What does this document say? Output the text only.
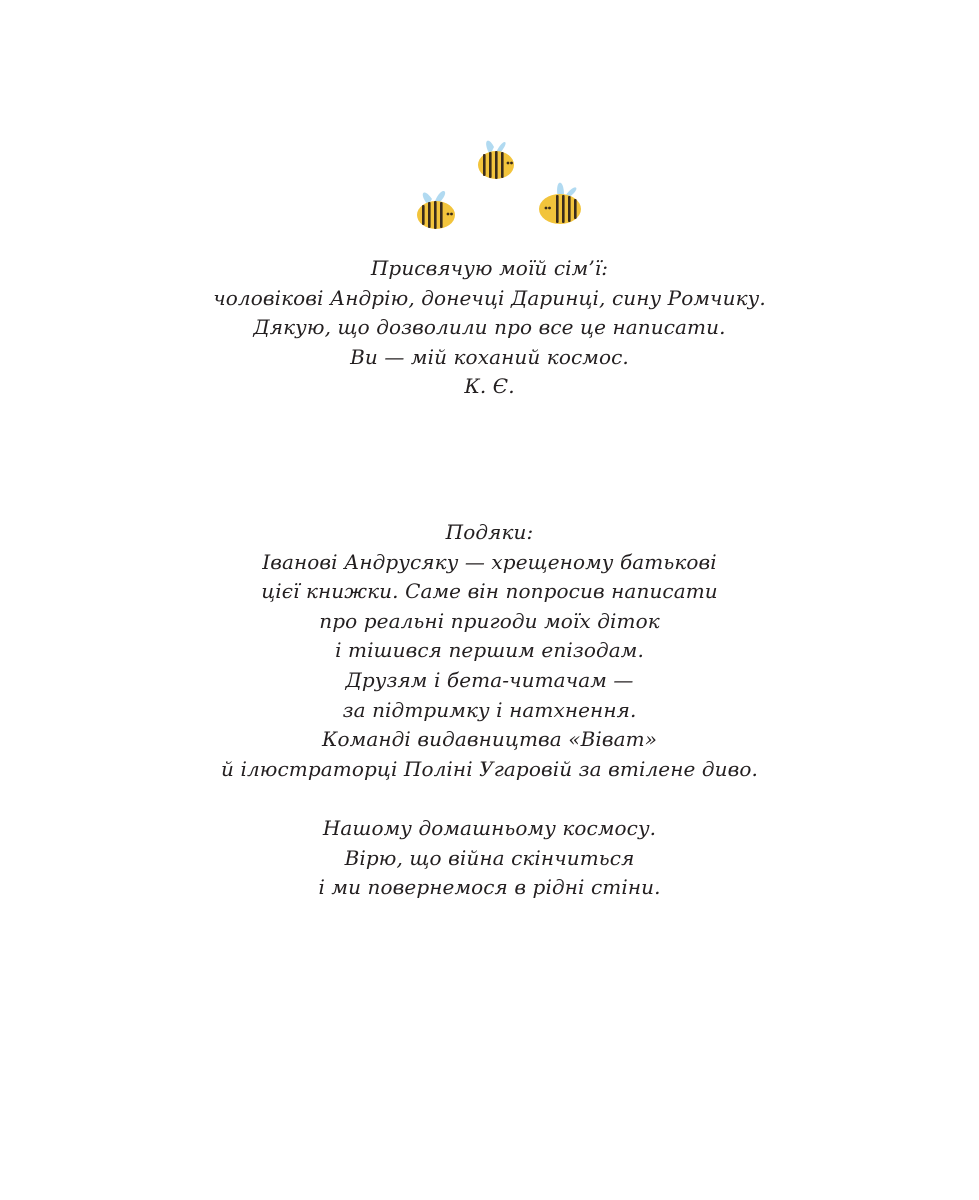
Присвячую моїй сім’ї:
чоловікові Андрію, донечці Даринці, сину Ромчику.
Дякую, що дозволили про все це написати.
Ви — мій коханий космос.
К. Є.
Подяки:
Іванові Андрусяку — хрещеному батькові
цієї книжки. Саме він попросив написати
про реальні пригоди моїх діток
і тішився першим епізодам.
Друзям і бета-читачам —
за підтримку і натхнення.
Команді видавництва «Віват»
й ілюстраторці Поліні Угаровій за втілене диво.
Нашому домашньому космосу.
Вірю, що війна скінчиться
і ми повернемося в рідні стіни.
